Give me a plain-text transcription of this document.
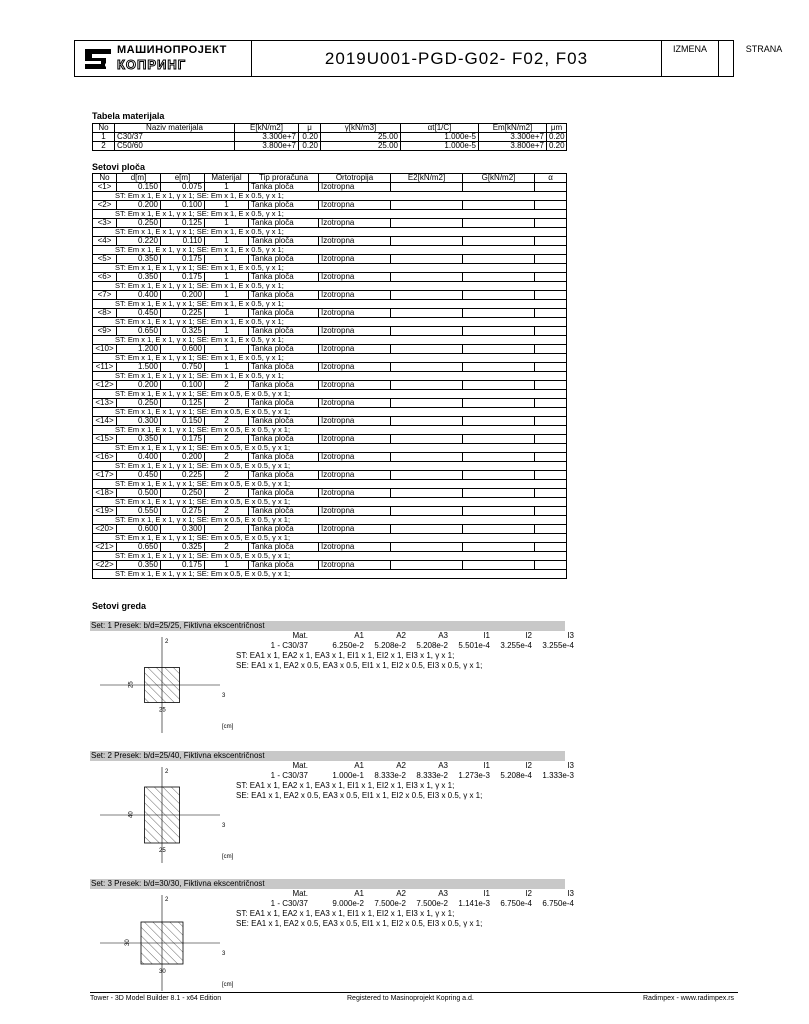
МАШИНОПРОЈЕКТ
КОПРИНГ	2019U001-PGD-G02- F02, F03	IZMENA	STRANA
Tabela materijala
No	Naziv materijala	E[kN/m2]	μ	γ[kN/m3]	αt[1/C]	Em[kN/m2]	μm
1	C30/37	3.300e+7	0.20	25.00	1.000e-5	3.300e+7	0.20
2	C50/60	3.800e+7	0.20	25.00	1.000e-5	3.800e+7	0.20
Setovi ploča
No	d[m]	e[m]	Materijal	Tip proračuna	Ortotropija	E2[kN/m2]	G[kN/m2]	α
<1>	0.150	0.075	1	Tanka ploča	Izotropna			
ST: Em x 1, E x 1, γ x 1; SE: Em x 1, E x 0.5, γ x 1;								
<2>	0.200	0.100	1	Tanka ploča	Izotropna			
ST: Em x 1, E x 1, γ x 1; SE: Em x 1, E x 0.5, γ x 1;								
<3>	0.250	0.125	1	Tanka ploča	Izotropna			
ST: Em x 1, E x 1, γ x 1; SE: Em x 1, E x 0.5, γ x 1;								
<4>	0.220	0.110	1	Tanka ploča	Izotropna			
ST: Em x 1, E x 1, γ x 1; SE: Em x 1, E x 0.5, γ x 1;								
<5>	0.350	0.175	1	Tanka ploča	Izotropna			
ST: Em x 1, E x 1, γ x 1; SE: Em x 1, E x 0.5, γ x 1;								
<6>	0.350	0.175	1	Tanka ploča	Izotropna			
ST: Em x 1, E x 1, γ x 1; SE: Em x 1, E x 0.5, γ x 1;								
<7>	0.400	0.200	1	Tanka ploča	Izotropna			
ST: Em x 1, E x 1, γ x 1; SE: Em x 1, E x 0.5, γ x 1;								
<8>	0.450	0.225	1	Tanka ploča	Izotropna			
ST: Em x 1, E x 1, γ x 1; SE: Em x 1, E x 0.5, γ x 1;								
<9>	0.650	0.325	1	Tanka ploča	Izotropna			
ST: Em x 1, E x 1, γ x 1; SE: Em x 1, E x 0.5, γ x 1;								
<10>	1.200	0.600	1	Tanka ploča	Izotropna			
ST: Em x 1, E x 1, γ x 1; SE: Em x 1, E x 0.5, γ x 1;								
<11>	1.500	0.750	1	Tanka ploča	Izotropna			
ST: Em x 1, E x 1, γ x 1; SE: Em x 1, E x 0.5, γ x 1;								
<12>	0.200	0.100	2	Tanka ploča	Izotropna			
ST: Em x 1, E x 1, γ x 1; SE: Em x 0.5, E x 0.5, γ x 1;								
<13>	0.250	0.125	2	Tanka ploča	Izotropna			
ST: Em x 1, E x 1, γ x 1; SE: Em x 0.5, E x 0.5, γ x 1;								
<14>	0.300	0.150	2	Tanka ploča	Izotropna			
ST: Em x 1, E x 1, γ x 1; SE: Em x 0.5, E x 0.5, γ x 1;								
<15>	0.350	0.175	2	Tanka ploča	Izotropna			
ST: Em x 1, E x 1, γ x 1; SE: Em x 0.5, E x 0.5, γ x 1;								
<16>	0.400	0.200	2	Tanka ploča	Izotropna			
ST: Em x 1, E x 1, γ x 1; SE: Em x 0.5, E x 0.5, γ x 1;								
<17>	0.450	0.225	2	Tanka ploča	Izotropna			
ST: Em x 1, E x 1, γ x 1; SE: Em x 0.5, E x 0.5, γ x 1;								
<18>	0.500	0.250	2	Tanka ploča	Izotropna			
ST: Em x 1, E x 1, γ x 1; SE: Em x 0.5, E x 0.5, γ x 1;								
<19>	0.550	0.275	2	Tanka ploča	Izotropna			
ST: Em x 1, E x 1, γ x 1; SE: Em x 0.5, E x 0.5, γ x 1;								
<20>	0.600	0.300	2	Tanka ploča	Izotropna			
ST: Em x 1, E x 1, γ x 1; SE: Em x 0.5, E x 0.5, γ x 1;								
<21>	0.650	0.325	2	Tanka ploča	Izotropna			
ST: Em x 1, E x 1, γ x 1; SE: Em x 0.5, E x 0.5, γ x 1;								
<22>	0.350	0.175	1	Tanka ploča	Izotropna			
ST: Em x 1, E x 1, γ x 1; SE: Em x 0.5, E x 0.5, γ x 1;								
Setovi greda
Set: 1 Presek: b/d=25/25, Fiktivna ekscentričnost
Mat.	A1	A2	A3	I1	I2	I3
1 - C30/37	6.250e-2 5.208e-2 5.208e-2 5.501e-4 3.255e-4 3.255e-4
ST: EA1 x 1, EA2 x 1, EA3 x 1, EI1 x 1, EI2 x 1, EI3 x 1, γ x 1;
SE: EA1 x 1, EA2 x 0.5, EA3 x 0.5, EI1 x 1, EI2 x 0.5, EI3 x 0.5, γ x 1;
2
3
25
25
[cm]
Set: 2 Presek: b/d=25/40, Fiktivna ekscentričnost
Mat.	A1	A2	A3	I1	I2	I3
1 - C30/37	1.000e-1 8.333e-2 8.333e-2 1.273e-3 5.208e-4 1.333e-3
ST: EA1 x 1, EA2 x 1, EA3 x 1, EI1 x 1, EI2 x 1, EI3 x 1, γ x 1;
SE: EA1 x 1, EA2 x 0.5, EA3 x 0.5, EI1 x 1, EI2 x 0.5, EI3 x 0.5, γ x 1;
2
3
25
40
[cm]
Set: 3 Presek: b/d=30/30, Fiktivna ekscentričnost
Mat.	A1	A2	A3	I1	I2	I3
1 - C30/37	9.000e-2 7.500e-2 7.500e-2 1.141e-3 6.750e-4 6.750e-4
ST: EA1 x 1, EA2 x 1, EA3 x 1, EI1 x 1, EI2 x 1, EI3 x 1, γ x 1;
SE: EA1 x 1, EA2 x 0.5, EA3 x 0.5, EI1 x 1, EI2 x 0.5, EI3 x 0.5, γ x 1;
2
3
30
30
[cm]
Tower - 3D Model Builder 8.1 - x64 Edition	Registered to Masinoprojekt Kopring a.d.	Radimpex - www.radimpex.rs
